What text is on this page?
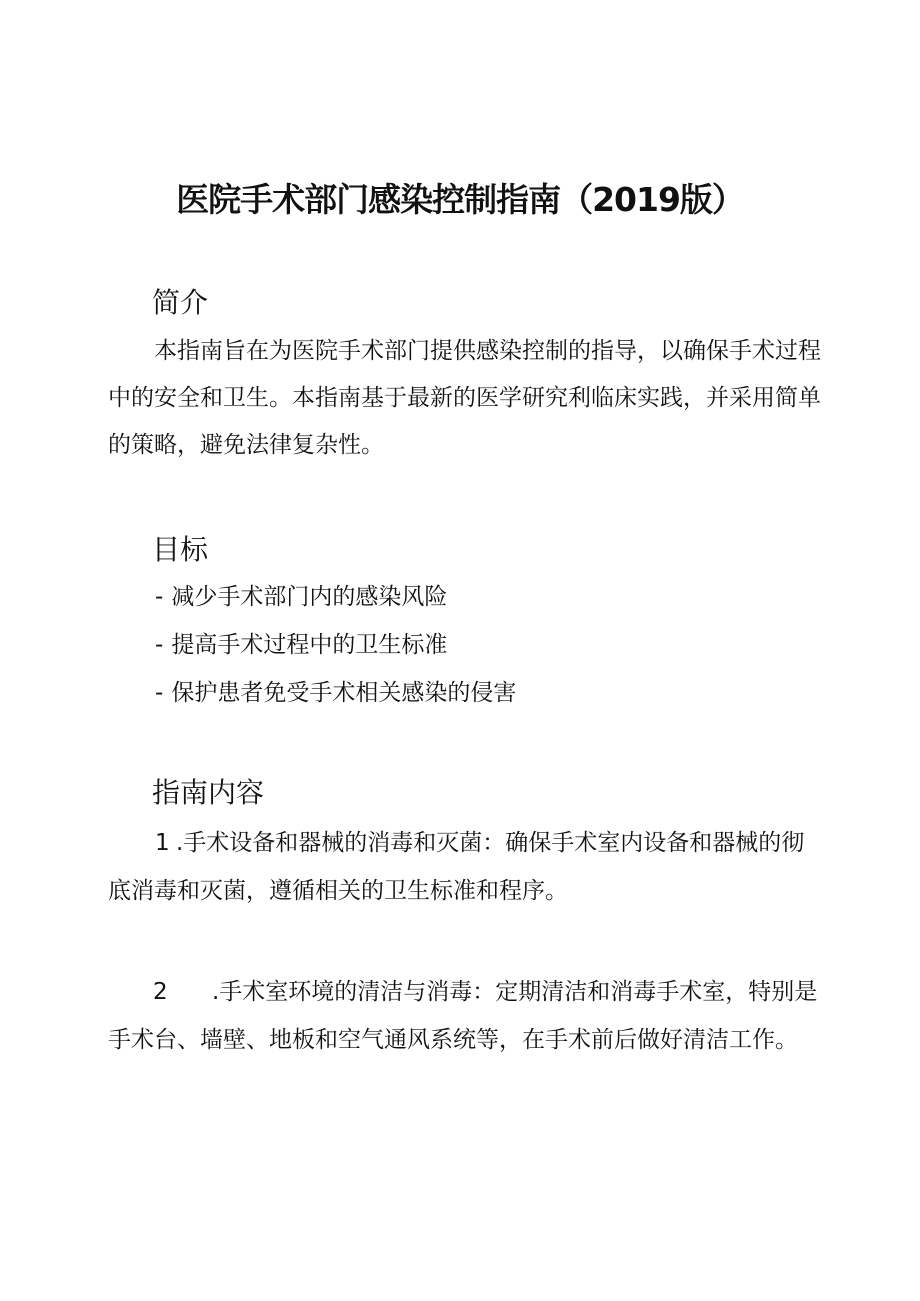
医院手术部门感染控制指南（2019版）
简介
本指南旨在为医院手术部门提供感染控制的指导，以确保手术过程
中的安全和卫生。本指南基于最新的医学研究利临床实践，并采用简单
的策略，避免法律复杂性。
目标
- 减少手术部门内的感染风险
- 提高手术过程中的卫生标准
- 保护患者免受手术相关感染的侵害
指南内容
1 .手术设备和器械的消毒和灭菌：确保手术室内设备和器械的彻
底消毒和灭菌，遵循相关的卫生标准和程序。
2 .手术室环境的清洁与消毒：定期清洁和消毒手术室，特别是
手术台、墙壁、地板和空气通风系统等，在手术前后做好清洁工作。
